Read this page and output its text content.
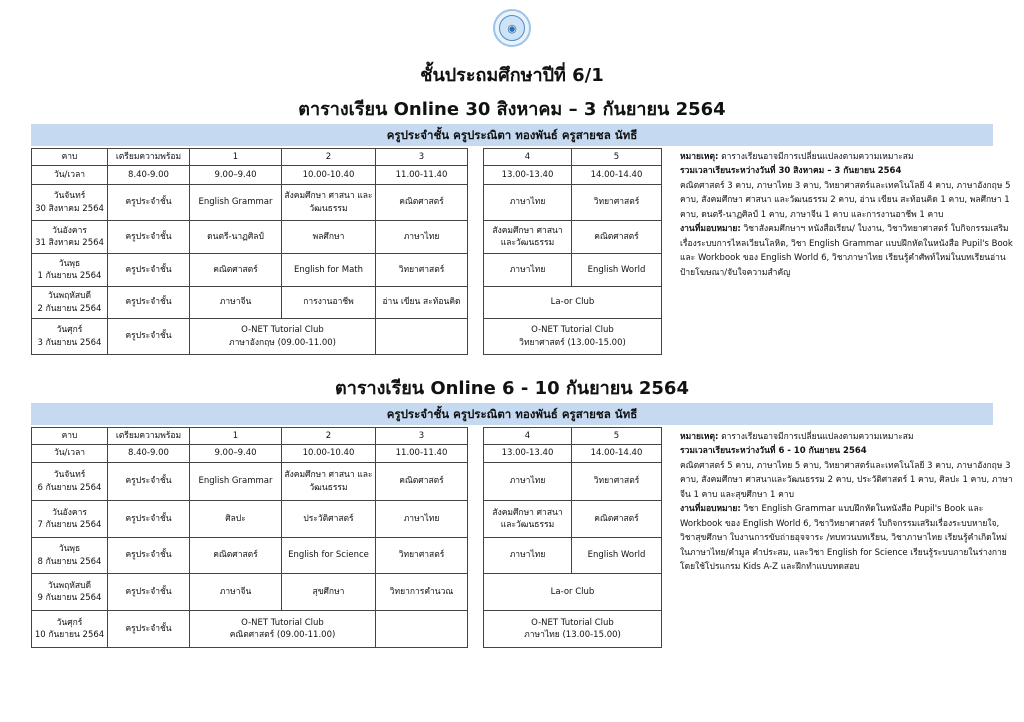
◉
ชั้นประถมศึกษาปีที่ 6/1
ตารางเรียน Online 30 สิงหาคม – 3 กันยายน 2564
ครูประจำชั้น ครูประณิตา ทองพันธ์ ครูสายชล นัทธี
คาบ	เตรียมความพร้อม	1	2	3		4	5
วัน/เวลา	8.40-9.00	9.00–9.40	10.00-10.40	11.00-11.40		13.00-13.40	14.00-14.40
วันจันทร์
30 สิงหาคม 2564	ครูประจำชั้น	English Grammar	สังคมศึกษา ศาสนา และวัฒนธรรม	คณิตศาสตร์		ภาษาไทย	วิทยาศาสตร์
วันอังคาร
31 สิงหาคม 2564	ครูประจำชั้น	ดนตรี-นาฏศิลป์	พลศึกษา	ภาษาไทย		สังคมศึกษา ศาสนา และวัฒนธรรม	คณิตศาสตร์
วันพุธ
1 กันยายน 2564	ครูประจำชั้น	คณิตศาสตร์	English for Math	วิทยาศาสตร์		ภาษาไทย	English World
วันพฤหัสบดี
2 กันยายน 2564	ครูประจำชั้น	ภาษาจีน	การงานอาชีพ	อ่าน เขียน สะท้อนคิด		La-or Club	
วันศุกร์
3 กันยายน 2564	ครูประจำชั้น	O-NET Tutorial Club
ภาษาอังกฤษ (09.00-11.00)				O-NET Tutorial Club
วิทยาศาสตร์ (13.00-15.00)	
หมายเหตุ: ตารางเรียนอาจมีการเปลี่ยนแปลงตามความเหมาะสม
รวมเวลาเรียนระหว่างวันที่ 30 สิงหาคม – 3 กันยายน 2564
คณิตศาสตร์ 3 คาบ, ภาษาไทย 3 คาบ, วิทยาศาสตร์และเทคโนโลยี 4 คาบ, ภาษาอังกฤษ 5 คาบ, สังคมศึกษา ศาสนา และวัฒนธรรม 2 คาบ, อ่าน เขียน สะท้อนคิด 1 คาบ, พลศึกษา 1 คาบ, ดนตรี-นาฏศิลป์ 1 คาบ, ภาษาจีน 1 คาบ และการงานอาชีพ 1 คาบ
งานที่มอบหมาย: วิชาสังคมศึกษาฯ หนังสือเรียน/ ใบงาน, วิชาวิทยาศาสตร์ ใบกิจกรรมเสริมเรื่องระบบการไหลเวียนโลหิต, วิชา English Grammar แบบฝึกหัดในหนังสือ Pupil's Book และ Workbook ของ English World 6, วิชาภาษาไทย เรียนรู้คำศัพท์ใหม่ในบทเรียนอ่านป้ายโฆษณา/จับใจความสำคัญ
ตารางเรียน Online 6 - 10 กันยายน 2564
ครูประจำชั้น ครูประณิตา ทองพันธ์ ครูสายชล นัทธี
คาบ	เตรียมความพร้อม	1	2	3		4	5
วัน/เวลา	8.40-9.00	9.00–9.40	10.00-10.40	11.00-11.40		13.00-13.40	14.00-14.40
วันจันทร์
6 กันยายน 2564	ครูประจำชั้น	English Grammar	สังคมศึกษา ศาสนา และวัฒนธรรม	คณิตศาสตร์		ภาษาไทย	วิทยาศาสตร์
วันอังคาร
7 กันยายน 2564	ครูประจำชั้น	ศิลปะ	ประวัติศาสตร์	ภาษาไทย		สังคมศึกษา ศาสนา และวัฒนธรรม	คณิตศาสตร์
วันพุธ
8 กันยายน 2564	ครูประจำชั้น	คณิตศาสตร์	English for Science	วิทยาศาสตร์		ภาษาไทย	English World
วันพฤหัสบดี
9 กันยายน 2564	ครูประจำชั้น	ภาษาจีน	สุขศึกษา	วิทยาการคำนวณ		La-or Club	
วันศุกร์
10 กันยายน 2564	ครูประจำชั้น	O-NET Tutorial Club
คณิตศาสตร์ (09.00-11.00)				O-NET Tutorial Club
ภาษาไทย (13.00-15.00)	
หมายเหตุ: ตารางเรียนอาจมีการเปลี่ยนแปลงตามความเหมาะสม
รวมเวลาเรียนระหว่างวันที่ 6 - 10 กันยายน 2564
คณิตศาสตร์ 5 คาบ, ภาษาไทย 5 คาบ, วิทยาศาสตร์และเทคโนโลยี 3 คาบ, ภาษาอังกฤษ 3 คาบ, สังคมศึกษา ศาสนาและวัฒนธรรม 2 คาบ, ประวัติศาสตร์ 1 คาบ, ศิลปะ 1 คาบ, ภาษาจีน 1 คาบ และสุขศึกษา 1 คาบ
งานที่มอบหมาย: วิชา English Grammar แบบฝึกหัดในหนังสือ Pupil's Book และ Workbook ของ English World 6, วิชาวิทยาศาสตร์ ใบกิจกรรมเสริมเรื่องระบบหายใจ, วิชาสุขศึกษา ใบงานการขับถ่ายอุจจาระ /ทบทวนบทเรียน, วิชาภาษาไทย เรียนรู้คำเกิดใหม่ในภาษาไทย/คำมูล คำประสม, และวิชา English for Science เรียนรู้ระบบภายในร่างกายโดยใช้โปรแกรม Kids A-Z และฝึกทำแบบทดสอบ
